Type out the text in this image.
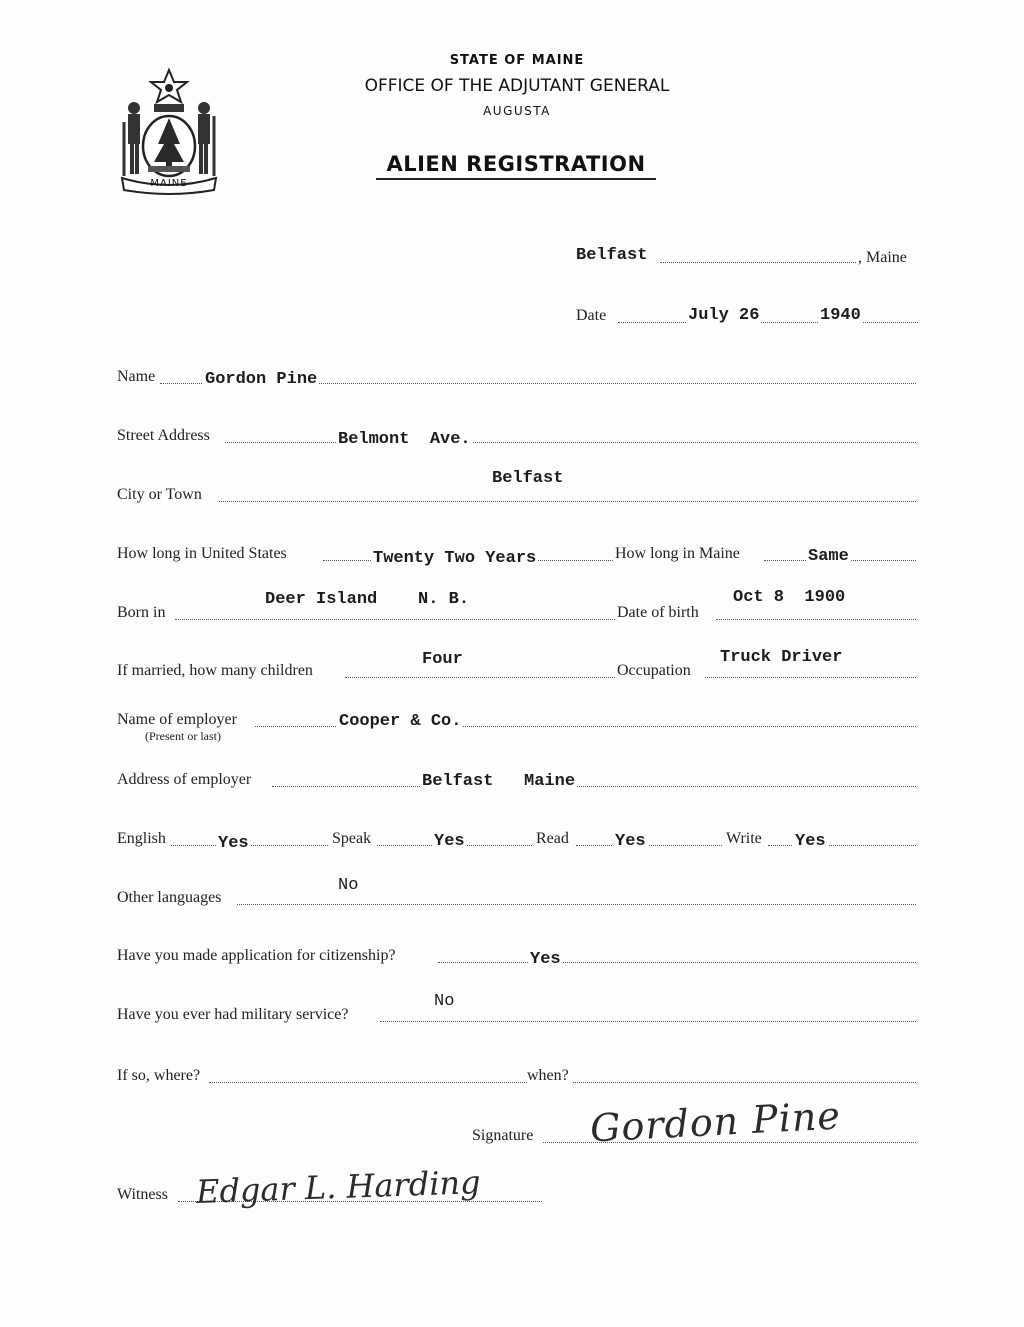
MAINE
STATE OF MAINE
OFFICE OF THE ADJUTANT GENERAL
AUGUSTA
ALIEN REGISTRATION
Belfast	, Maine
Date	July 26	1940
Name	Gordon Pine
Street Address	Belmont  Ave.
City or Town
Belfast
How long in United States	Twenty Two Years	How long in Maine	Same
Born in
Deer Island    N. B.
Date of birth
Oct 8  1900
If married, how many children
Four
Occupation
Truck Driver
Name of employer
(Present or last)
Cooper & Co.
Address of employer	Belfast   Maine
English	Yes	Speak	Yes	Read	Yes	Write Yes
Other languages
No
Have you made application for citizenship?	Yes
Have you ever had military service?
No
If so, where?	when?
Signature Gordon Pine
Witness Edgar L. Harding
